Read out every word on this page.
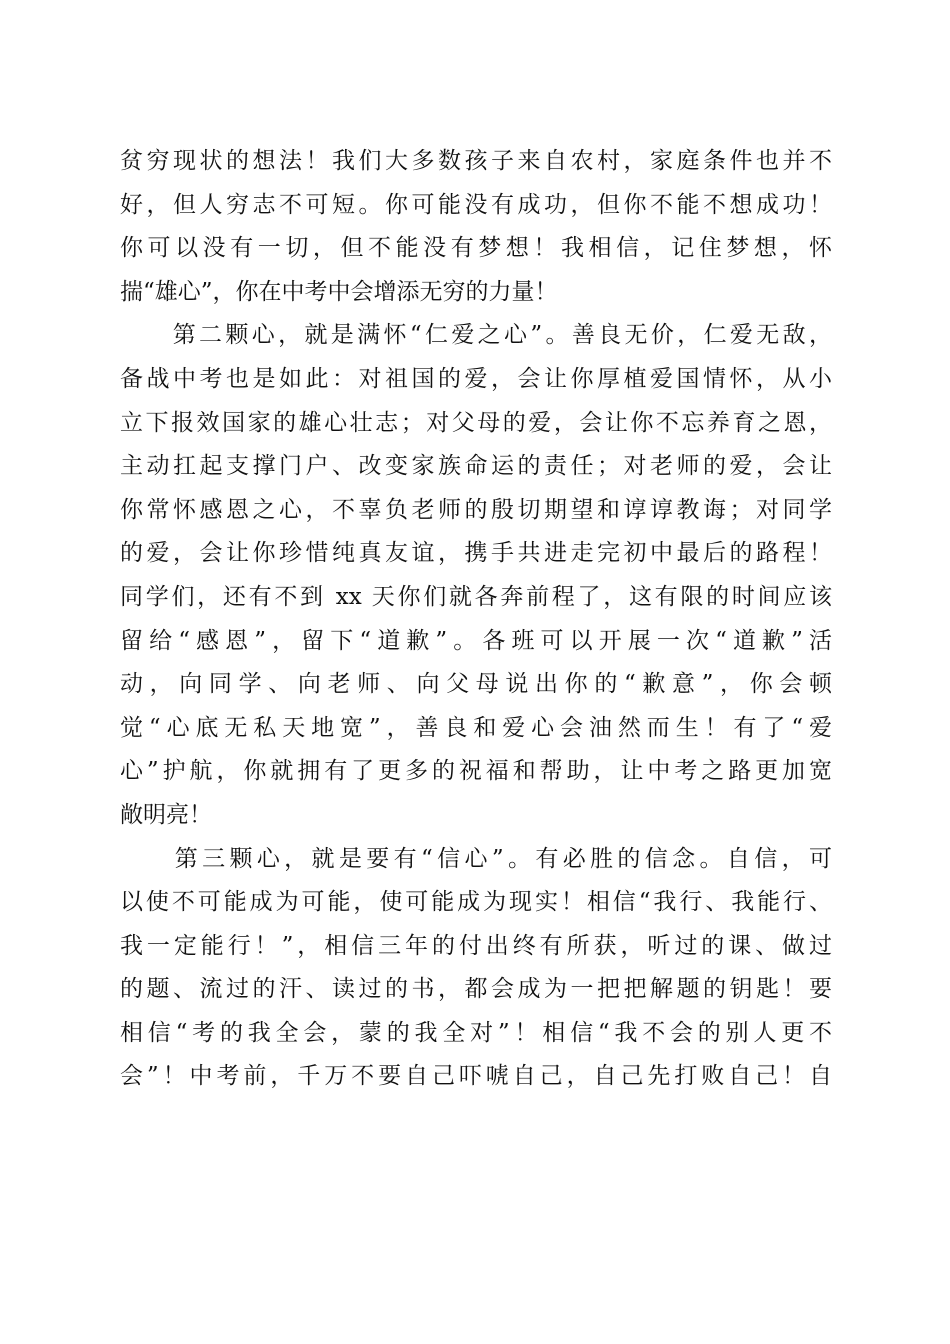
贫穷现状的想法！我们大多数孩子来自农村，家庭条件也并不
好，但人穷志不可短。你可能没有成功，但你不能不想成功！
你可以没有一切，但不能没有梦想！我相信，记住梦想，怀
揣“雄心”，你在中考中会增添无穷的力量！
　　第二颗心，就是满怀“仁爱之心”。善良无价，仁爱无敌，
备战中考也是如此：对祖国的爱，会让你厚植爱国情怀，从小
立下报效国家的雄心壮志；对父母的爱，会让你不忘养育之恩，
主动扛起支撑门户、改变家族命运的责任；对老师的爱，会让
你常怀感恩之心，不辜负老师的殷切期望和谆谆教诲；对同学
的爱，会让你珍惜纯真友谊，携手共进走完初中最后的路程！
同学们，还有不到 xx 天你们就各奔前程了，这有限的时间应该
留给“感恩”，留下“道歉”。各班可以开展一次“道歉”活
动，向同学、向老师、向父母说出你的“歉意”，你会顿
觉“心底无私天地宽”，善良和爱心会油然而生！有了“爱
心”护航，你就拥有了更多的祝福和帮助，让中考之路更加宽
敞明亮！
　　第三颗心，就是要有“信心”。有必胜的信念。自信，可
以使不可能成为可能，使可能成为现实！相信“我行、我能行、
我一定能行！”，相信三年的付出终有所获，听过的课、做过
的题、流过的汗、读过的书，都会成为一把把解题的钥匙！要
相信“考的我全会，蒙的我全对”！相信“我不会的别人更不
会”！中考前，千万不要自己吓唬自己，自己先打败自己！自
